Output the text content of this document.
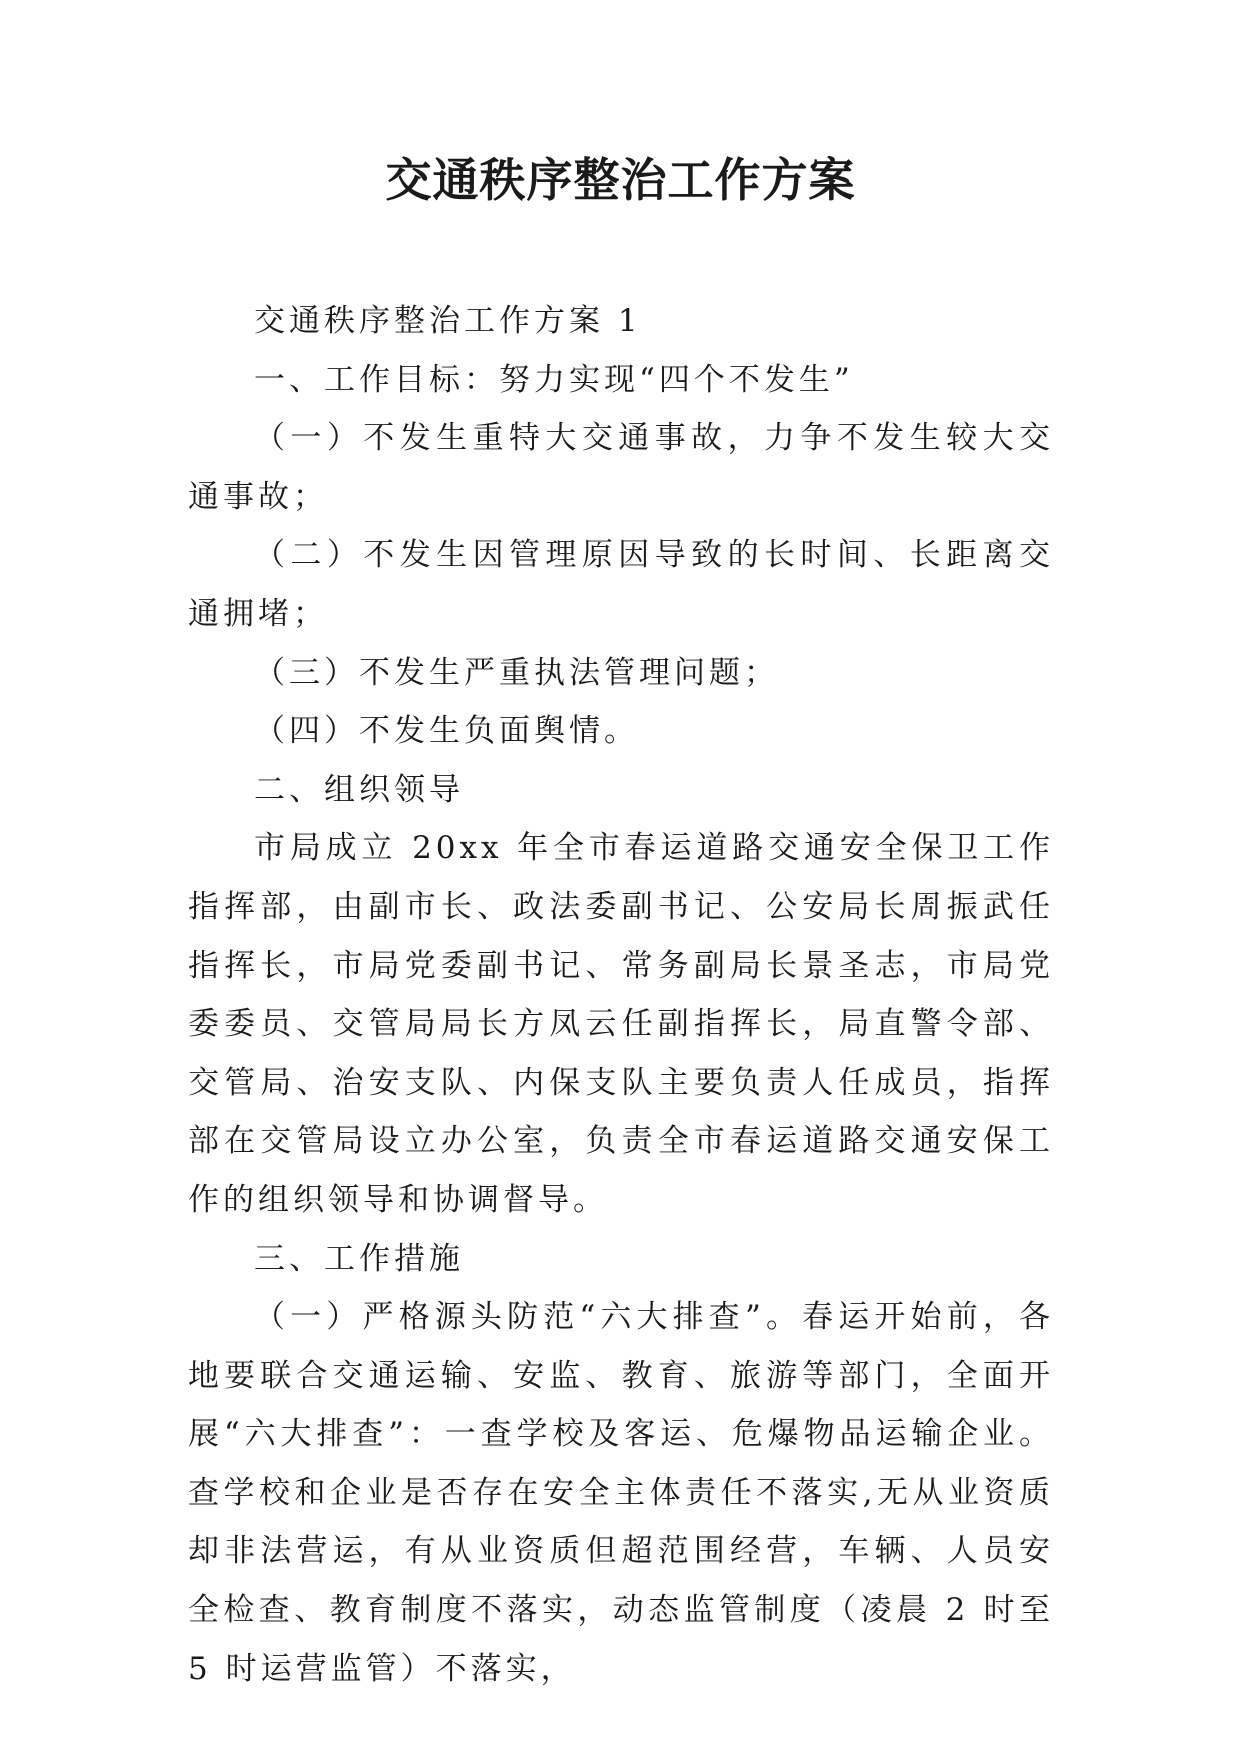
交通秩序整治工作方案

交通秩序整治工作方案 1

一、工作目标：努力实现“四个不发生”

（一）不发生重特大交通事故，力争不发生较大交通事故；

（二）不发生因管理原因导致的长时间、长距离交通拥堵；

（三）不发生严重执法管理问题；

（四）不发生负面舆情。

二、组织领导

市局成立 20xx 年全市春运道路交通安全保卫工作指挥部，由副市长、政法委副书记、公安局长周振武任指挥长，市局党委副书记、常务副局长景圣志，市局党委委员、交管局局长方凤云任副指挥长，局直警令部、交管局、治安支队、内保支队主要负责人任成员，指挥部在交管局设立办公室，负责全市春运道路交通安保工作的组织领导和协调督导。

三、工作措施

（一）严格源头防范“六大排查”。春运开始前，各地要联合交通运输、安监、教育、旅游等部门，全面开展“六大排查”：一查学校及客运、危爆物品运输企业。查学校和企业是否存在安全主体责任不落实,无从业资质却非法营运，有从业资质但超范围经营，车辆、人员安全检查、教育制度不落实，动态监管制度（凌晨 2 时至 5 时运营监管）不落实，
